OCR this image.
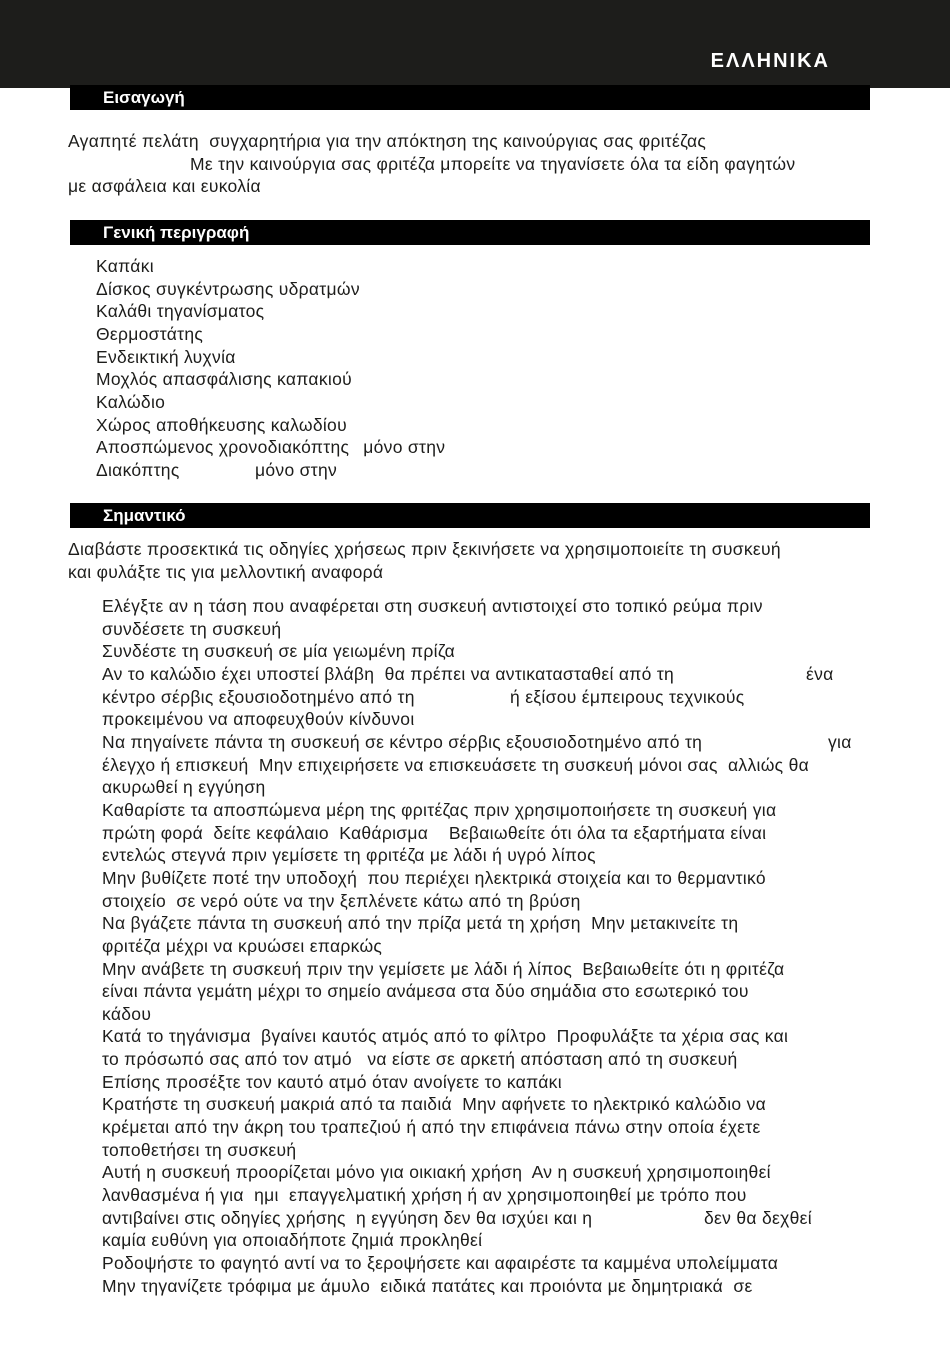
ΕΛΛΗΝΙΚΑ
Εισαγωγή
Αγαπητέ πελάτη  συγχαρητήρια για την απόκτηση της καινούργιας σας φριτέζας
Με την καινούργια σας φριτέζα μπορείτε να τηγανίσετε όλα τα είδη φαγητών
με ασφάλεια και ευκολία
Γενική περιγραφή
Καπάκι
Δίσκος συγκέντρωσης υδρατμών
Καλάθι τηγανίσματος
Θερμοστάτης
Ενδεικτική λυχνία
Μοχλός απασφάλισης καπακιού
Καλώδιο
Χώρος αποθήκευσης καλωδίου
Αποσπώμενος χρονοδιακόπτης μόνο στην
Διακόπτης	μόνο στην
Σημαντικό
Διαβάστε προσεκτικά τις οδηγίες χρήσεως πριν ξεκινήσετε να χρησιμοποιείτε τη συσκευή
και φυλάξτε τις για μελλοντική αναφορά
Ελέγξτε αν η τάση που αναφέρεται στη συσκευή αντιστοιχεί στο τοπικό ρεύμα πριν
συνδέσετε τη συσκευή
Συνδέστε τη συσκευή σε μία γειωμένη πρίζα
Αν το καλώδιο έχει υποστεί βλάβη  θα πρέπει να αντικατασταθεί από τη	ένα
κέντρο σέρβις εξουσιοδοτημένο από τη	ή εξίσου έμπειρους τεχνικούς
προκειμένου να αποφευχθούν κίνδυνοι
Να πηγαίνετε πάντα τη συσκευή σε κέντρο σέρβις εξουσιοδοτημένο από τη	για
έλεγχο ή επισκευή  Μην επιχειρήσετε να επισκευάσετε τη συσκευή μόνοι σας  αλλιώς θα
ακυρωθεί η εγγύηση
Καθαρίστε τα αποσπώμενα μέρη της φριτέζας πριν χρησιμοποιήσετε τη συσκευή για
πρώτη φορά  δείτε κεφάλαιο  Καθάρισμα    Βεβαιωθείτε ότι όλα τα εξαρτήματα είναι
εντελώς στεγνά πριν γεμίσετε τη φριτέζα με λάδι ή υγρό λίπος
Μην βυθίζετε ποτέ την υποδοχή  που περιέχει ηλεκτρικά στοιχεία και το θερμαντικό
στοιχείο  σε νερό ούτε να την ξεπλένετε κάτω από τη βρύση
Να βγάζετε πάντα τη συσκευή από την πρίζα μετά τη χρήση  Μην μετακινείτε τη
φριτέζα μέχρι να κρυώσει επαρκώς
Μην ανάβετε τη συσκευή πριν την γεμίσετε με λάδι ή λίπος  Βεβαιωθείτε ότι η φριτέζα
είναι πάντα γεμάτη μέχρι το σημείο ανάμεσα στα δύο σημάδια στο εσωτερικό του
κάδου
Κατά το τηγάνισμα  βγαίνει καυτός ατμός από το φίλτρο  Προφυλάξτε τα χέρια σας και
το πρόσωπό σας από τον ατμό   να είστε σε αρκετή απόσταση από τη συσκευή
Επίσης προσέξτε τον καυτό ατμό όταν ανοίγετε το καπάκι
Κρατήστε τη συσκευή μακριά από τα παιδιά  Μην αφήνετε το ηλεκτρικό καλώδιο να
κρέμεται από την άκρη του τραπεζιού ή από την επιφάνεια πάνω στην οποία έχετε
τοποθετήσει τη συσκευή
Αυτή η συσκευή προορίζεται μόνο για οικιακή χρήση  Αν η συσκευή χρησιμοποιηθεί
λανθασμένα ή για  ημι  επαγγελματική χρήση ή αν χρησιμοποιηθεί με τρόπο που
αντιβαίνει στις οδηγίες χρήσης  η εγγύηση δεν θα ισχύει και η	δεν θα δεχθεί
καμία ευθύνη για οποιαδήποτε ζημιά προκληθεί
Ροδοψήστε το φαγητό αντί να το ξεροψήσετε και αφαιρέστε τα καμμένα υπολείμματα
Μην τηγανίζετε τρόφιμα με άμυλο  ειδικά πατάτες και προιόντα με δημητριακά  σε
